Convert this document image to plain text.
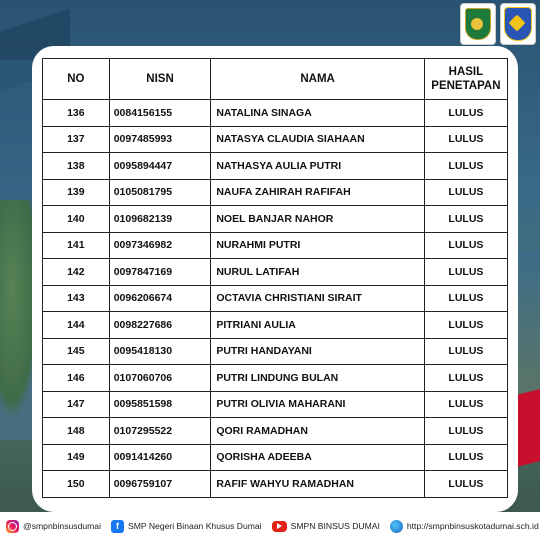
NO	NISN	NAMA	HASIL PENETAPAN
136	0084156155	NATALINA SINAGA	LULUS
137	0097485993	NATASYA CLAUDIA SIAHAAN	LULUS
138	0095894447	NATHASYA AULIA PUTRI	LULUS
139	0105081795	NAUFA ZAHIRAH RAFIFAH	LULUS
140	0109682139	NOEL BANJAR NAHOR	LULUS
141	0097346982	NURAHMI PUTRI	LULUS
142	0097847169	NURUL LATIFAH	LULUS
143	0096206674	OCTAVIA CHRISTIANI SIRAIT	LULUS
144	0098227686	PITRIANI AULIA	LULUS
145	0095418130	PUTRI HANDAYANI	LULUS
146	0107060706	PUTRI LINDUNG BULAN	LULUS
147	0095851598	PUTRI OLIVIA MAHARANI	LULUS
148	0107295522	QORI RAMADHAN	LULUS
149	0091414260	QORISHA ADEEBA	LULUS
150	0096759107	RAFIF WAHYU RAMADHAN	LULUS
@smpnbinsusdumai	f	SMP Negeri Binaan Khusus Dumai	SMPN BINSUS DUMAI	http://smpnbinsuskotadumai.sch.id
